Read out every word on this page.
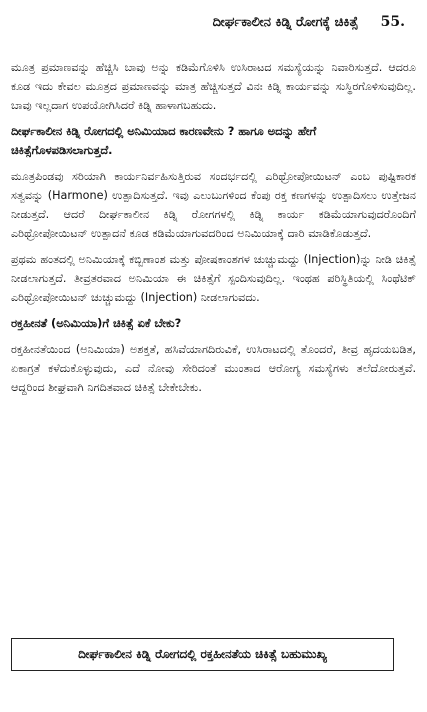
ದೀರ್ಘಕಾಲೀನ ಕಿಡ್ನಿ ರೋಗಕ್ಕೆ ಚಿಕಿತ್ಸೆ 55.

ಮೂತ್ರ ಪ್ರಮಾಣವನ್ನು ಹೆಚ್ಚಿಸಿ ಬಾವು ಅನ್ನು ಕಡಿಮೆಗೊಳಿಸಿ ಉಸಿರಾಟದ ಸಮಸ್ಯೆಯನ್ನು ನಿವಾರಿಸುತ್ತದೆ. ಆದರೂ ಕೂಡ ಇದು ಕೇವಲ ಮೂತ್ರದ ಪ್ರಮಾಣವನ್ನು ಮಾತ್ರ ಹೆಚ್ಚಿಸುತ್ತದೆ ವಿನಃ ಕಿಡ್ನಿ ಕಾರ್ಯವನ್ನು ಸುಸ್ಥಿರಗೊಳಿಸುವುದಿಲ್ಲ. ಬಾವು ಇಲ್ಲದಾಗ ಉಪಯೋಗಿಸಿದರೆ ಕಿಡ್ನಿ ಹಾಳಾಗಬಹುದು.

ದೀರ್ಘಕಾಲೀನ ಕಿಡ್ನಿ ರೋಗದಲ್ಲಿ ಅನಿಮಿಯಾದ ಕಾರಣವೇನು ? ಹಾಗೂ ಅದನ್ನು ಹೇಗೆ ಚಿಕಿತ್ಸೆಗೊಳಪಡಿಸಲಾಗುತ್ತದೆ.

ಮೂತ್ರಪಿಂಡವು ಸರಿಯಾಗಿ ಕಾರ್ಯನಿರ್ವಹಿಸುತ್ತಿರುವ ಸಂದರ್ಭದಲ್ಲಿ ಎರಿಥ್ರೋಪೋಯಿಟನ್ ಎಂಬ ಪುಷ್ಟಿಕಾರಕ ಸತ್ವವನ್ನು (Harmone) ಉತ್ಪಾದಿಸುತ್ತದೆ. ಇವು ಎಲುಬುಗಳಿಂದ ಕೆಂಪು ರಕ್ತ ಕಣಗಳನ್ನು ಉತ್ಪಾದಿಸಲು ಉತ್ತೇಜನ ನೀಡುತ್ತದೆ. ಆದರೆ ದೀರ್ಘಕಾಲೀನ ಕಿಡ್ನಿ ರೋಗಗಳಲ್ಲಿ ಕಿಡ್ನಿ ಕಾರ್ಯ ಕಡಿಮೆಯಾಗುವುದರೊಂದಿಗೆ ಎರಿಥ್ರೋಪೋಯಿಟನ್ ಉತ್ಪಾದನೆ ಕೂಡ ಕಡಿಮೆಯಾಗುವದರಿಂದ ಅನಿಮಿಯಾಕ್ಕೆ ದಾರಿ ಮಾಡಿಕೊಡುತ್ತದೆ.

ಪ್ರಥಮ ಹಂತದಲ್ಲಿ ಅನಿಮಿಯಾಕ್ಕೆ ಕಬ್ಬಿಣಾಂಶ ಮತ್ತು ಪೋಷಕಾಂಶಗಳ ಚುಚ್ಚುಮದ್ದು (Injection)ನ್ನು ನೀಡಿ ಚಿಕಿತ್ಸೆ ನೀಡಲಾಗುತ್ತದೆ. ತೀವ್ರತರವಾದ ಅನಿಮಿಯಾ ಈ ಚಿಕಿತ್ಸೆಗೆ ಸ್ಪಂದಿಸುವುದಿಲ್ಲ. ಇಂಥಹ ಪರಿಸ್ಥಿತಿಯಲ್ಲಿ ಸಿಂಥೆಟಿಕ್ ಎರಿಥ್ರೋಪೋಯಿಟನ್ ಚುಚ್ಚುಮದ್ದು (Injection) ನೀಡಲಾಗುವದು.

ರಕ್ತಹೀನತೆ (ಅನಿಮಿಯಾ)ಗೆ ಚಿಕಿತ್ಸೆ ಏಕೆ ಬೇಕು?

ರಕ್ತಹೀನತೆಯಿಂದ (ಅನಿಮಿಯಾ) ಅಶಕ್ತತೆ, ಹಸಿವೆಯಾಗದಿರುವಿಕೆ, ಉಸಿರಾಟದಲ್ಲಿ ತೊಂದರೆ, ತೀವ್ರ ಹೃದಯಬಡಿತ, ಏಕಾಗ್ರತೆ ಕಳೆದುಕೊಳ್ಳುವುದು, ಎದೆ ನೋವು ಸೇರಿದಂತೆ ಮುಂತಾದ ಆರೋಗ್ಯ ಸಮಸ್ಯೆಗಳು ತಲೆದೋರುತ್ತವೆ. ಆದ್ದರಿಂದ ಶೀಘ್ರವಾಗಿ ನಿಗದಿತವಾದ ಚಿಕಿತ್ಸೆ ಬೇಕೇಬೇಕು.

ದೀರ್ಘಕಾಲೀನ ಕಿಡ್ನಿ ರೋಗದಲ್ಲಿ ರಕ್ತಹೀನತೆಯ ಚಿಕಿತ್ಸೆ ಬಹುಮುಖ್ಯ
